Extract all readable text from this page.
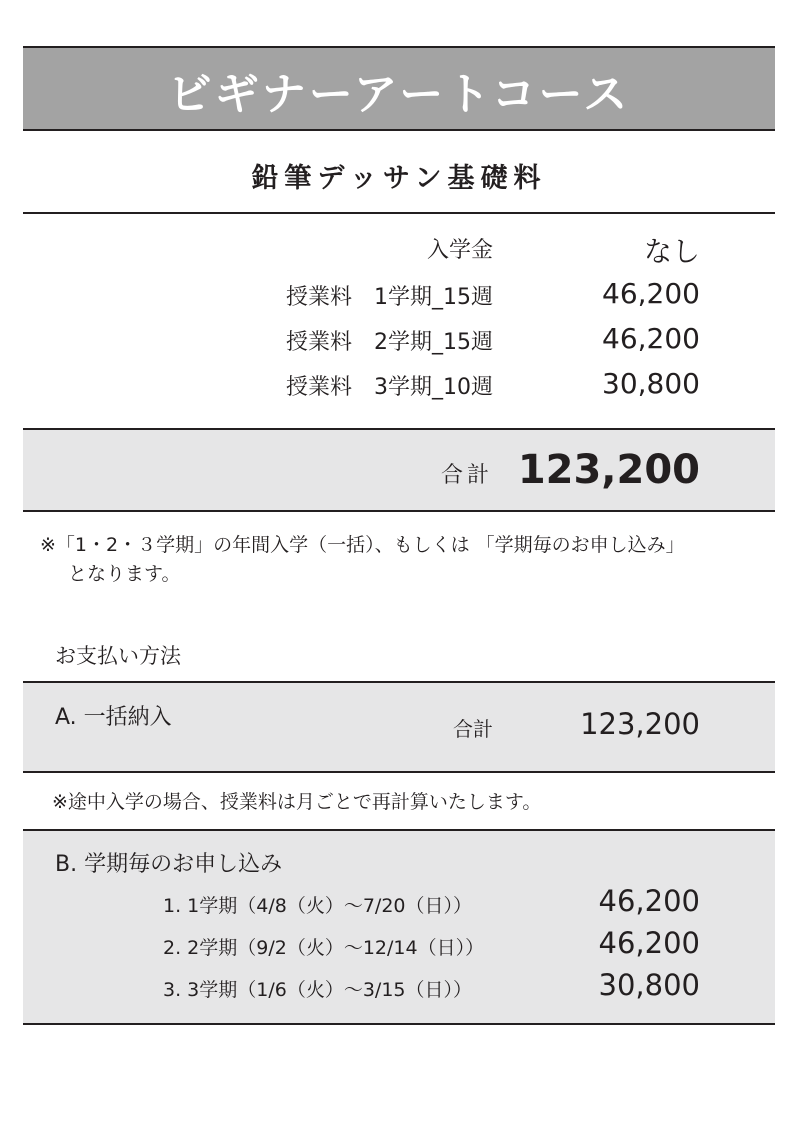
ビギナーアートコース
鉛筆デッサン基礎料
入学金	なし
授業料　1学期_15週	46,200
授業料　2学期_15週	46,200
授業料　3学期_10週	30,800
合計 123,200
※「1・2・３学期」の年間入学（一括）、もしくは 「学期毎のお申し込み」
となります。
お支払い方法
A. 一括納入	合計	123,200
※途中入学の場合、授業料は月ごとで再計算いたします。
B. 学期毎のお申し込み
1. 1学期（4/8（火）～7/20（日））	46,200
2. 2学期（9/2（火）～12/14（日））	46,200
3. 3学期（1/6（火）～3/15（日））	30,800
